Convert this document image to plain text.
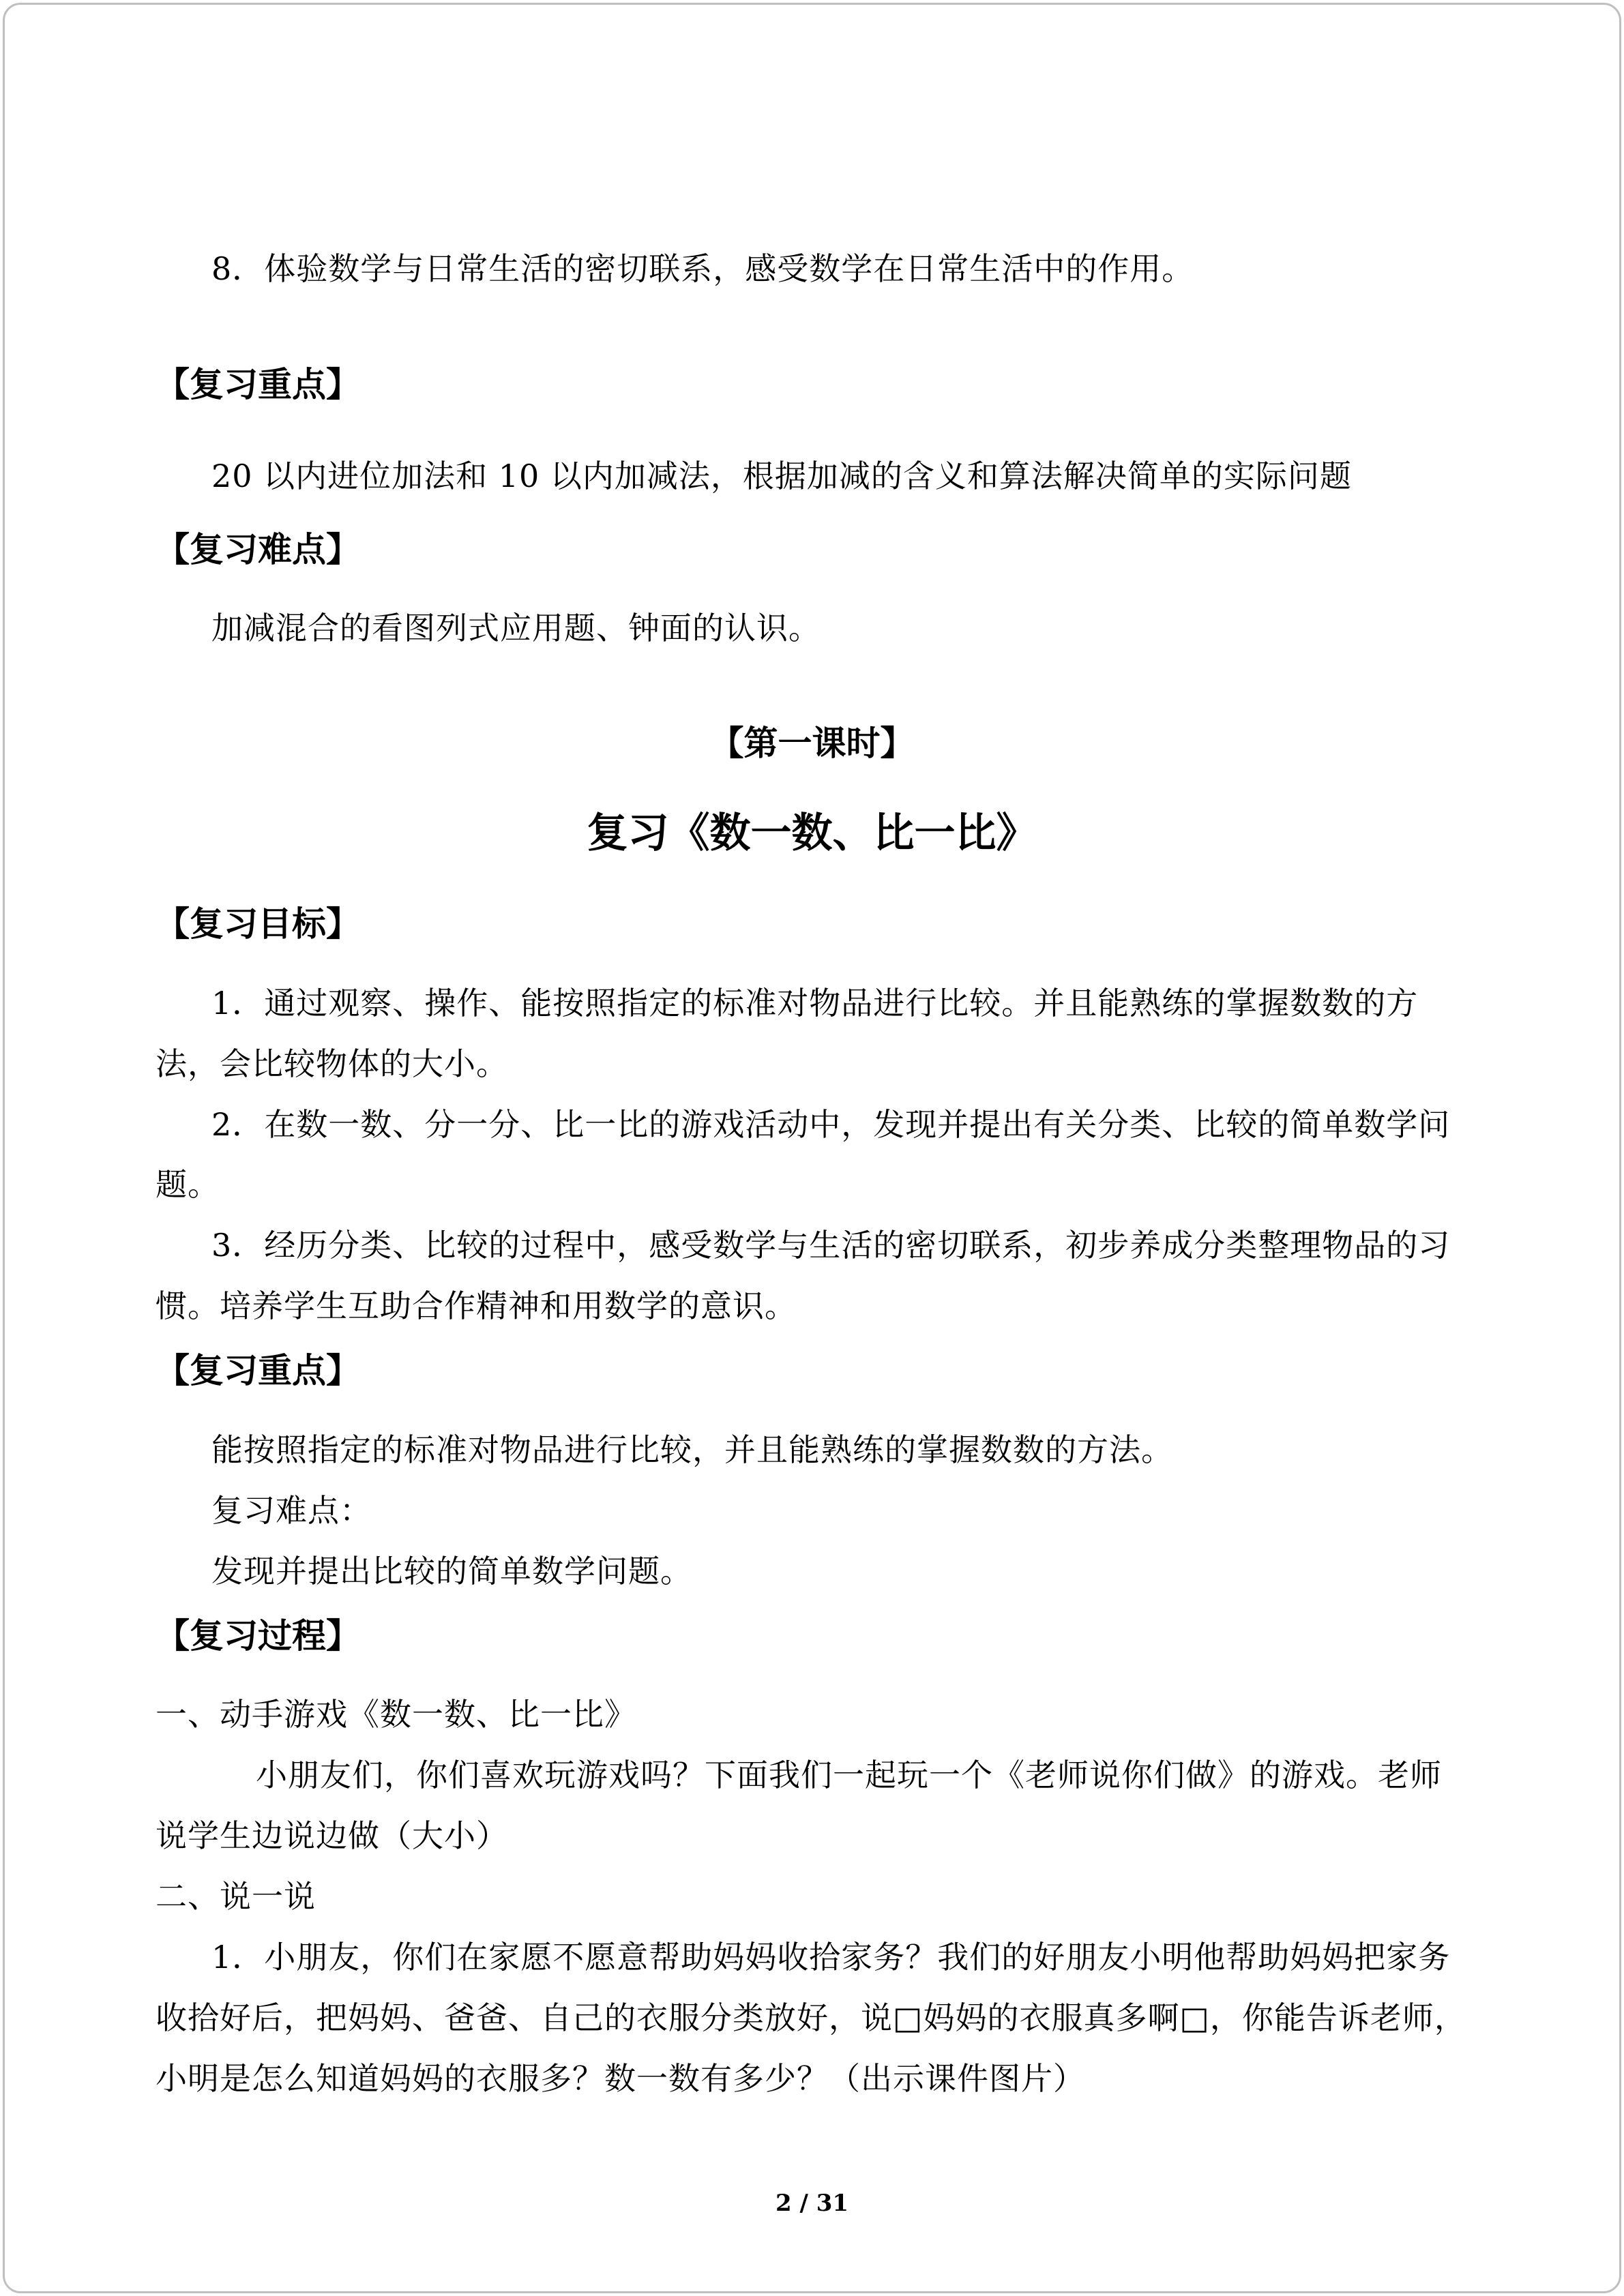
8．体验数学与日常生活的密切联系，感受数学在日常生活中的作用。

【复习重点】

20 以内进位加法和 10 以内加减法，根据加减的含义和算法解决简单的实际问题

【复习难点】

加减混合的看图列式应用题、钟面的认识。

【第一课时】

复习《数一数、比一比》

【复习目标】

1．通过观察、操作、能按照指定的标准对物品进行比较。并且能熟练的掌握数数的方

法，会比较物体的大小。

2．在数一数、分一分、比一比的游戏活动中，发现并提出有关分类、比较的简单数学问

题。

3．经历分类、比较的过程中，感受数学与生活的密切联系，初步养成分类整理物品的习

惯。培养学生互助合作精神和用数学的意识。

【复习重点】

能按照指定的标准对物品进行比较，并且能熟练的掌握数数的方法。

复习难点：

发现并提出比较的简单数学问题。

【复习过程】

一、动手游戏《数一数、比一比》

小朋友们，你们喜欢玩游戏吗？下面我们一起玩一个《老师说你们做》的游戏。老师

说学生边说边做（大小）

二、说一说

1．小朋友，你们在家愿不愿意帮助妈妈收拾家务？我们的好朋友小明他帮助妈妈把家务

收拾好后，把妈妈、爸爸、自己的衣服分类放好，说□妈妈的衣服真多啊□，你能告诉老师，

小明是怎么知道妈妈的衣服多？数一数有多少？（出示课件图片）

2 / 31
